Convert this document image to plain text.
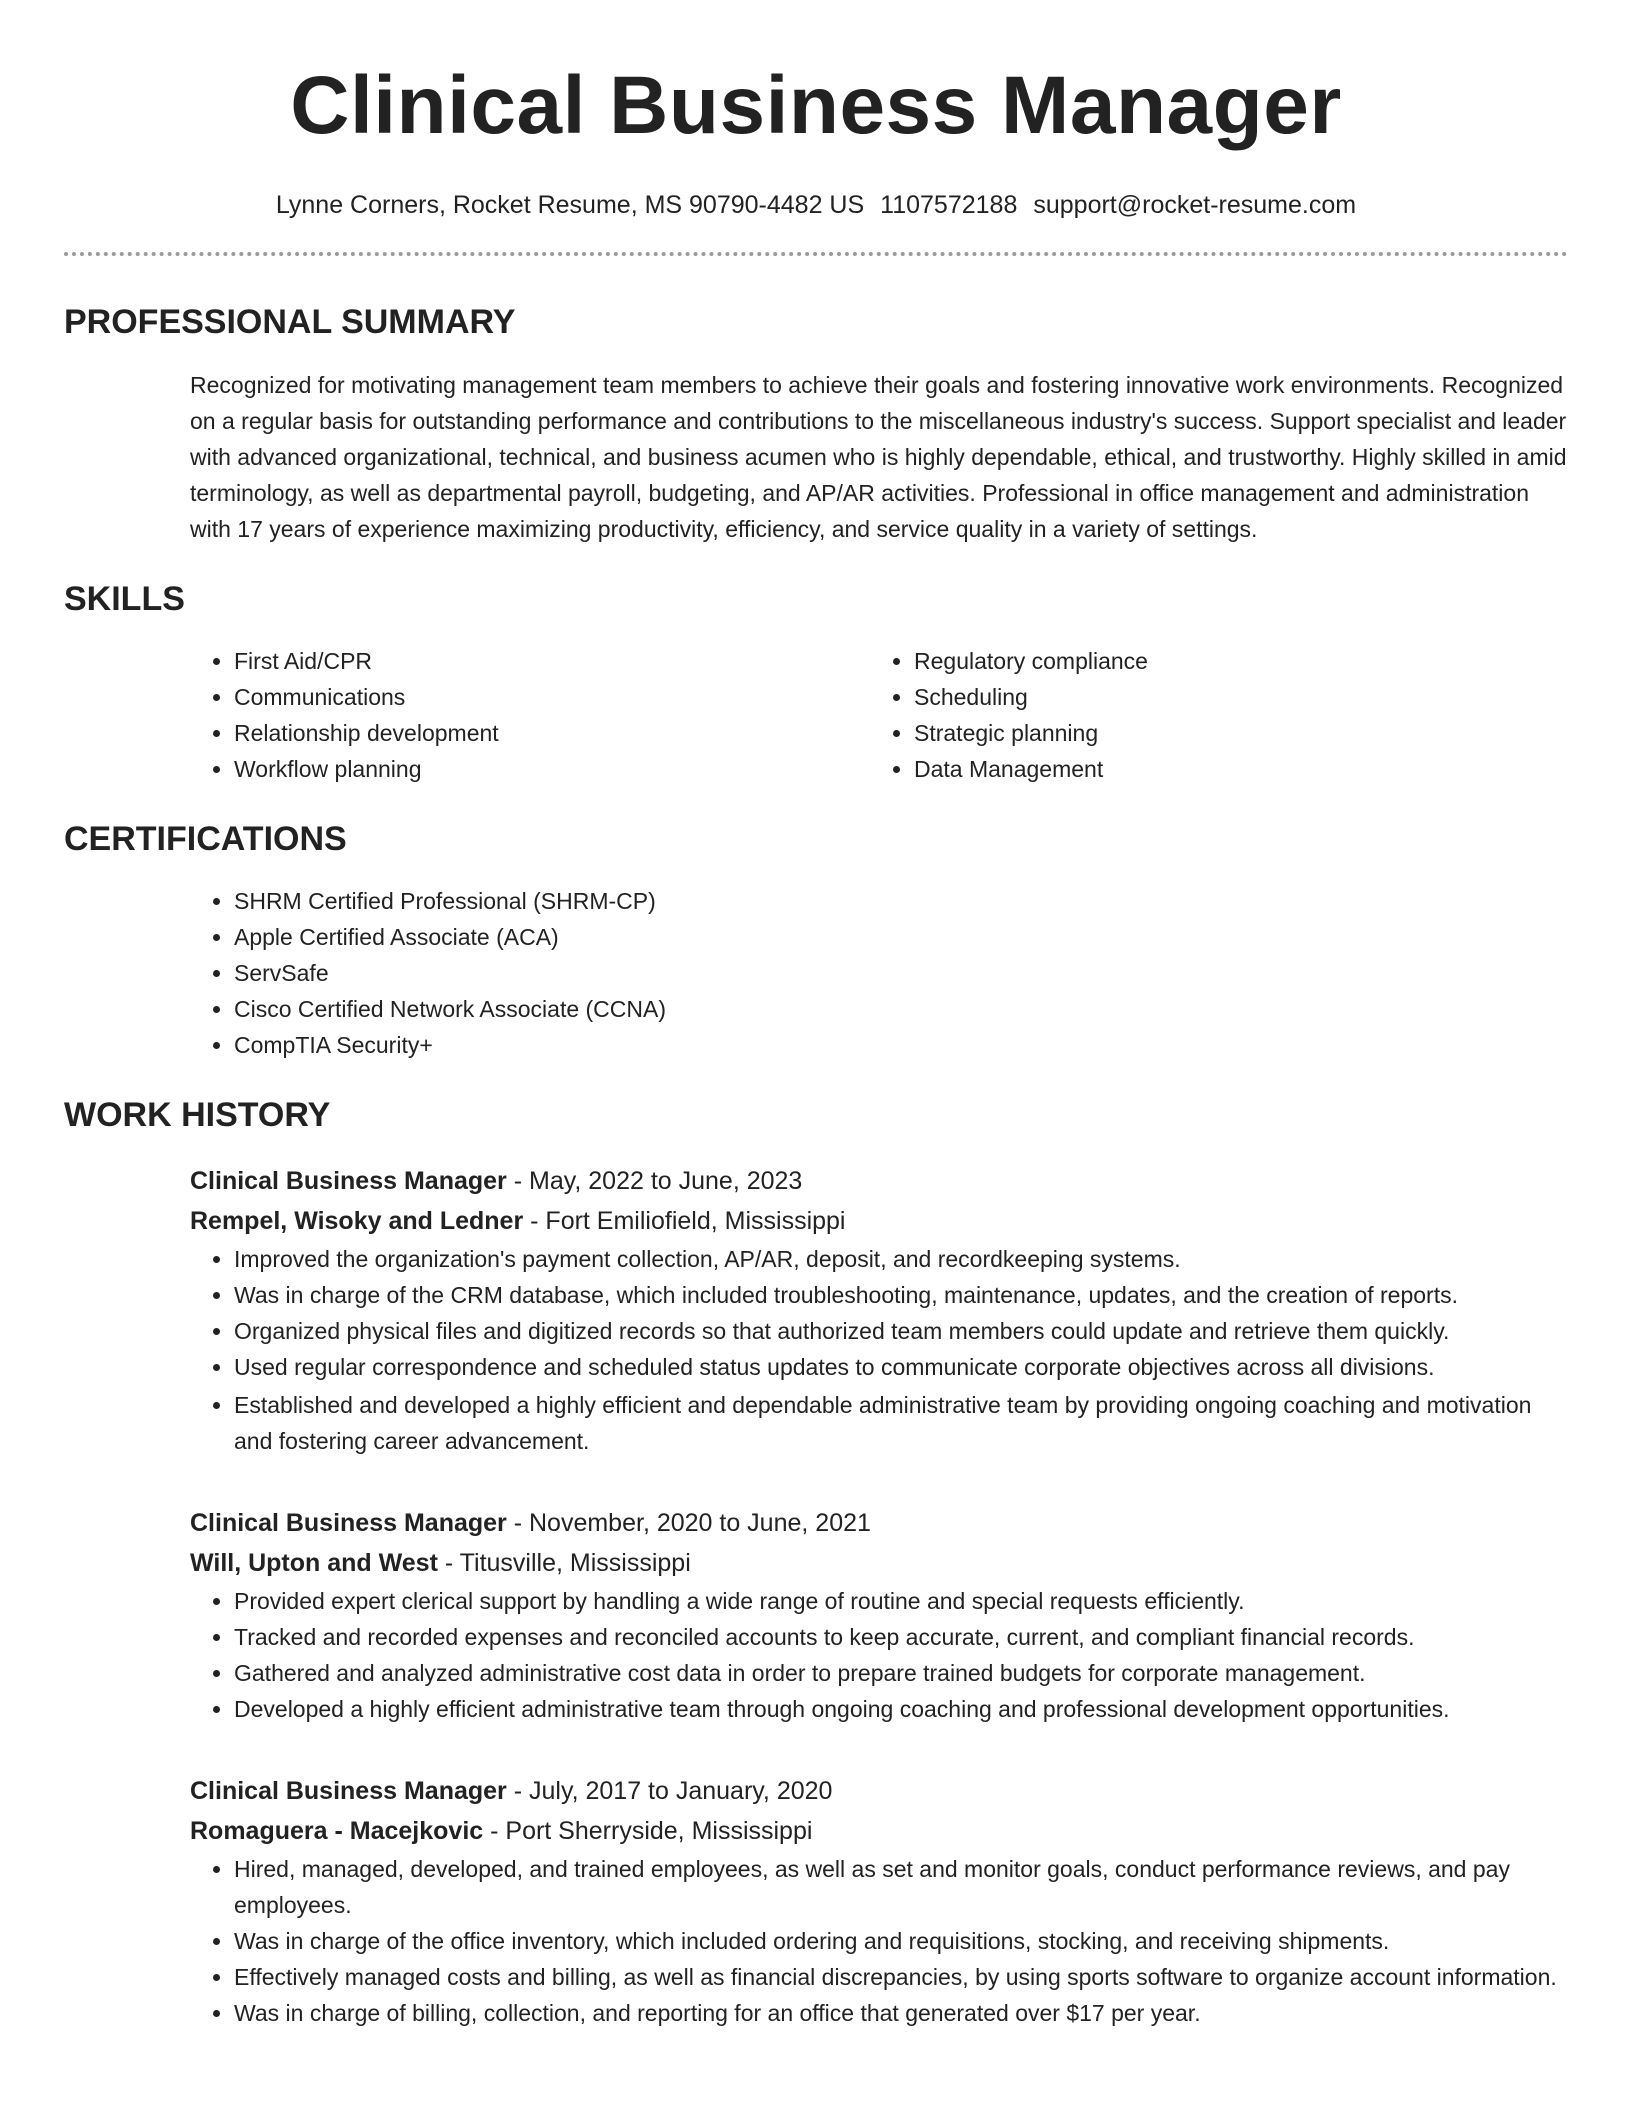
Clinical Business Manager
Lynne Corners, Rocket Resume, MS 90790-4482 US 1107572188 support@rocket-resume.com
PROFESSIONAL SUMMARY
Recognized for motivating management team members to achieve their goals and fostering innovative work environments. Recognized on a regular basis for outstanding performance and contributions to the miscellaneous industry's success. Support specialist and leader with advanced organizational, technical, and business acumen who is highly dependable, ethical, and trustworthy. Highly skilled in amid terminology, as well as departmental payroll, budgeting, and AP/AR activities. Professional in office management and administration with 17 years of experience maximizing productivity, efficiency, and service quality in a variety of settings.
SKILLS
• First Aid/CPR
• Communications
• Relationship development
• Workflow planning
• Regulatory compliance
• Scheduling
• Strategic planning
• Data Management
CERTIFICATIONS
• SHRM Certified Professional (SHRM-CP)
• Apple Certified Associate (ACA)
• ServSafe
• Cisco Certified Network Associate (CCNA)
• CompTIA Security+
WORK HISTORY
Clinical Business Manager - May, 2022 to June, 2023
Rempel, Wisoky and Ledner - Fort Emiliofield, Mississippi
• Improved the organization's payment collection, AP/AR, deposit, and recordkeeping systems.
• Was in charge of the CRM database, which included troubleshooting, maintenance, updates, and the creation of reports.
• Organized physical files and digitized records so that authorized team members could update and retrieve them quickly.
• Used regular correspondence and scheduled status updates to communicate corporate objectives across all divisions.
• Established and developed a highly efficient and dependable administrative team by providing ongoing coaching and motivation and fostering career advancement.
Clinical Business Manager - November, 2020 to June, 2021
Will, Upton and West - Titusville, Mississippi
• Provided expert clerical support by handling a wide range of routine and special requests efficiently.
• Tracked and recorded expenses and reconciled accounts to keep accurate, current, and compliant financial records.
• Gathered and analyzed administrative cost data in order to prepare trained budgets for corporate management.
• Developed a highly efficient administrative team through ongoing coaching and professional development opportunities.
Clinical Business Manager - July, 2017 to January, 2020
Romaguera - Macejkovic - Port Sherryside, Mississippi
• Hired, managed, developed, and trained employees, as well as set and monitor goals, conduct performance reviews, and pay employees.
• Was in charge of the office inventory, which included ordering and requisitions, stocking, and receiving shipments.
• Effectively managed costs and billing, as well as financial discrepancies, by using sports software to organize account information.
• Was in charge of billing, collection, and reporting for an office that generated over $17 per year.
